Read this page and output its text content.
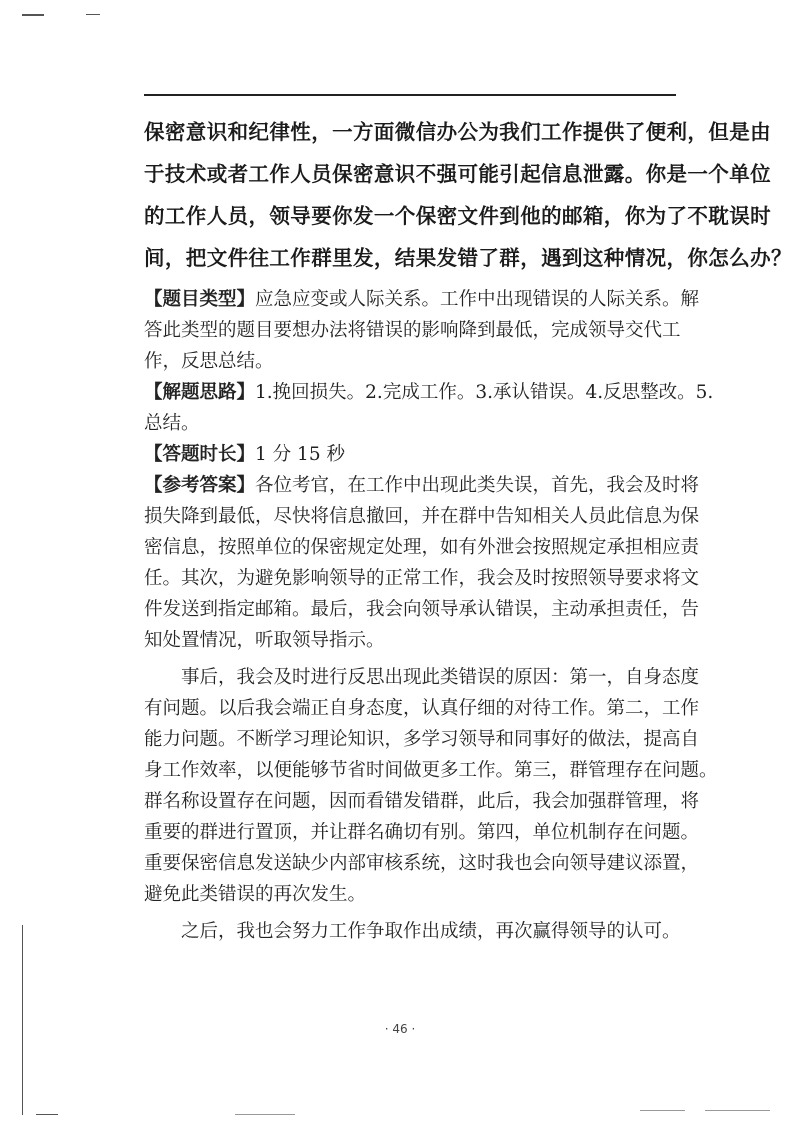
保密意识和纪律性，一方面微信办公为我们工作提供了便利，但是由
于技术或者工作人员保密意识不强可能引起信息泄露。你是一个单位
的工作人员，领导要你发一个保密文件到他的邮箱，你为了不耽误时
间，把文件往工作群里发，结果发错了群，遇到这种情况，你怎么办？
【题目类型】应急应变或人际关系。工作中出现错误的人际关系。解
答此类型的题目要想办法将错误的影响降到最低，完成领导交代工
作，反思总结。
【解题思路】1.挽回损失。2.完成工作。3.承认错误。4.反思整改。5.
总结。
【答题时长】1 分 15 秒
【参考答案】各位考官，在工作中出现此类失误，首先，我会及时将
损失降到最低，尽快将信息撤回，并在群中告知相关人员此信息为保
密信息，按照单位的保密规定处理，如有外泄会按照规定承担相应责
任。其次，为避免影响领导的正常工作，我会及时按照领导要求将文
件发送到指定邮箱。最后，我会向领导承认错误，主动承担责任，告
知处置情况，听取领导指示。
事后，我会及时进行反思出现此类错误的原因：第一，自身态度
有问题。以后我会端正自身态度，认真仔细的对待工作。第二，工作
能力问题。不断学习理论知识，多学习领导和同事好的做法，提高自
身工作效率，以便能够节省时间做更多工作。第三，群管理存在问题。
群名称设置存在问题，因而看错发错群，此后，我会加强群管理，将
重要的群进行置顶，并让群名确切有别。第四，单位机制存在问题。
重要保密信息发送缺少内部审核系统，这时我也会向领导建议添置，
避免此类错误的再次发生。
之后，我也会努力工作争取作出成绩，再次赢得领导的认可。
· 46 ·
